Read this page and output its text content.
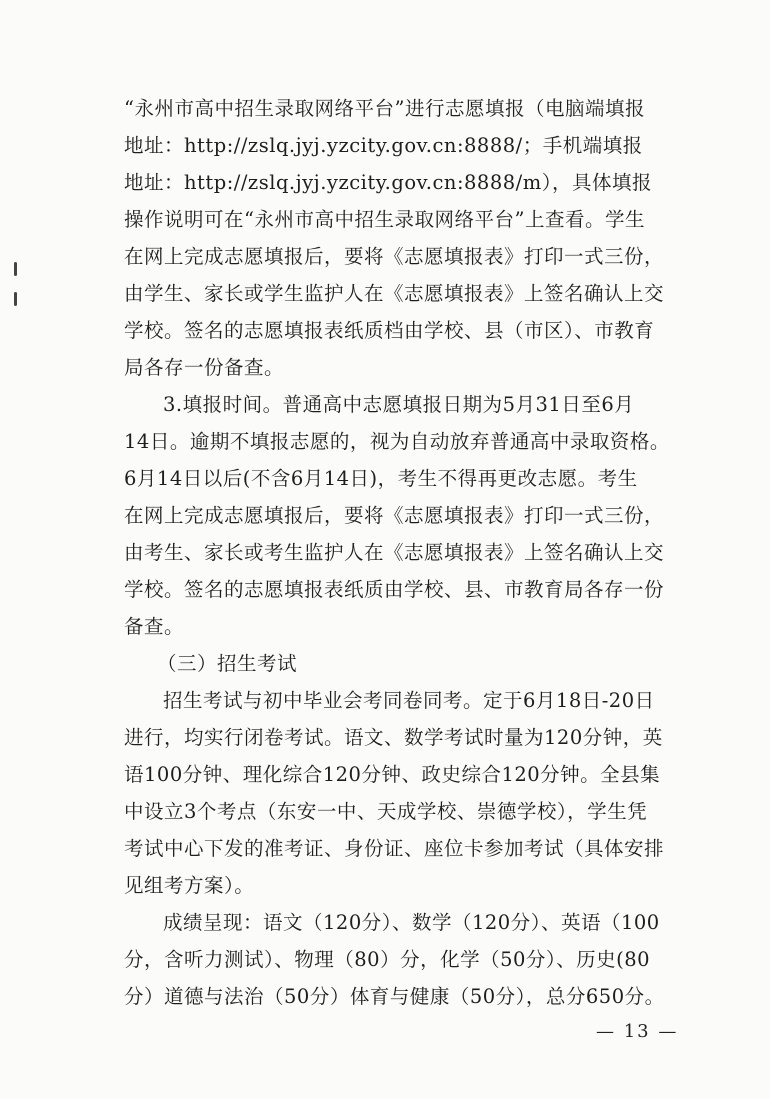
“永州市高中招生录取网络平台”进行志愿填报（电脑端填报
地址：http://zslq.jyj.yzcity.gov.cn:8888/；手机端填报
地址：http://zslq.jyj.yzcity.gov.cn:8888/m），具体填报
操作说明可在“永州市高中招生录取网络平台”上查看。学生
在网上完成志愿填报后，要将《志愿填报表》打印一式三份，
由学生、家长或学生监护人在《志愿填报表》上签名确认上交
学校。签名的志愿填报表纸质档由学校、县（市区）、市教育
局各存一份备查。
3.填报时间。普通高中志愿填报日期为5月31日至6月
14日。逾期不填报志愿的，视为自动放弃普通高中录取资格。
6月14日以后(不含6月14日)，考生不得再更改志愿。考生
在网上完成志愿填报后，要将《志愿填报表》打印一式三份，
由考生、家长或考生监护人在《志愿填报表》上签名确认上交
学校。签名的志愿填报表纸质由学校、县、市教育局各存一份
备查。
（三）招生考试
招生考试与初中毕业会考同卷同考。定于6月18日-20日
进行，均实行闭卷考试。语文、数学考试时量为120分钟，英
语100分钟、理化综合120分钟、政史综合120分钟。全县集
中设立3个考点（东安一中、天成学校、崇德学校），学生凭
考试中心下发的准考证、身份证、座位卡参加考试（具体安排
见组考方案）。
成绩呈现：语文（120分）、数学（120分）、英语（100
分，含听力测试）、物理（80）分，化学（50分）、历史(80
分）道德与法治（50分）体育与健康（50分），总分650分。
— 13 —
